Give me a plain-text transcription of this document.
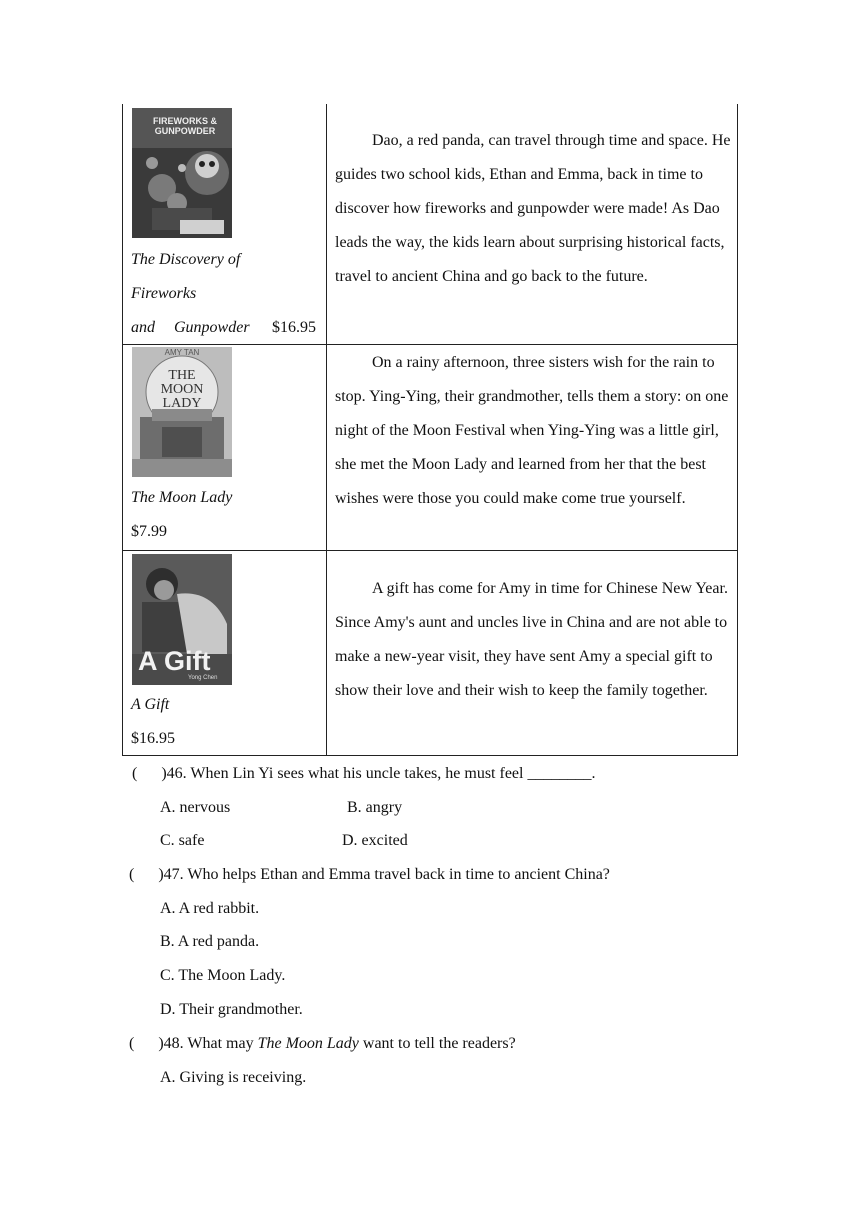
FIREWORKS & GUNPOWDER
The Discovery of
Fireworks
and Gunpowder $16.95

Dao, a red panda, can travel through time and space. He guides two school kids, Ethan and Emma, back in time to discover how fireworks and gunpowder were made! As Dao leads the way, the kids learn about surprising historical facts, travel to ancient China and go back to the future.

AMY TAN
THE MOON LADY
The Moon Lady
$7.99

On a rainy afternoon, three sisters wish for the rain to stop. Ying-Ying, their grandmother, tells them a story: on one night of the Moon Festival when Ying-Ying was a little girl, she met the Moon Lady and learned from her that the best wishes were those you could make come true yourself.

A Gift
Yong Chen
A Gift
$16.95

A gift has come for Amy in time for Chinese New Year. Since Amy's aunt and uncles live in China and are not able to make a new-year visit, they have sent Amy a special gift to show their love and their wish to keep the family together.

(      )46. When Lin Yi sees what his uncle takes, he must feel ________.
A. nervous	B. angry
C. safe	D. excited
(      )47. Who helps Ethan and Emma travel back in time to ancient China?
A. A red rabbit.
B. A red panda.
C. The Moon Lady.
D. Their grandmother.
(      )48. What may The Moon Lady want to tell the readers?
A. Giving is receiving.
